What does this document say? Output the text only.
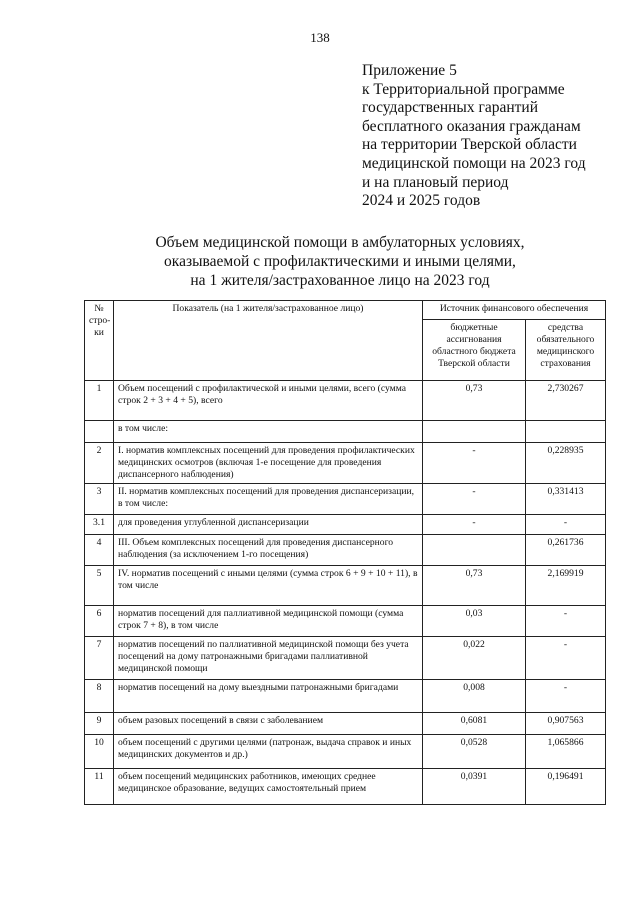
138
Приложение 5
к Территориальной программе
государственных гарантий
бесплатного оказания гражданам
на территории Тверской области
медицинской помощи на 2023 год
и на плановый период
2024 и 2025 годов
Объем медицинской помощи в амбулаторных условиях,
оказываемой с профилактическими и иными целями,
на 1 жителя/застрахованное лицо на 2023 год
№ стро-ки	Показатель (на 1 жителя/застрахованное лицо)	Источник финансового обеспечения	
		бюджетные ассигнования областного бюджета Тверской области	средства обязательного медицинского страхования
1	Объем посещений с профилактической и иными целями, всего (сумма строк 2 + 3 + 4 + 5), всего	0,73	2,730267
	в том числе:		
2	I. норматив комплексных посещений для проведения профилактических медицинских осмотров (включая 1-е посещение для проведения диспансерного наблюдения)	-	0,228935
3	II. норматив комплексных посещений для проведения диспансеризации, в том числе:	-	0,331413
3.1	для проведения углубленной диспансеризации	-	-
4	III. Объем комплексных посещений для проведения диспансерного наблюдения (за исключением 1-го посещения)		0,261736
5	IV. норматив посещений с иными целями (сумма строк 6 + 9 + 10 + 11), в том числе	0,73	2,169919
6	норматив посещений для паллиативной медицинской помощи (сумма строк 7 + 8), в том числе	0,03	-
7	норматив посещений по паллиативной медицинской помощи без учета посещений на дому патронажными бригадами паллиативной медицинской помощи	0,022	-
8	норматив посещений на дому выездными патронажными бригадами	0,008	-
9	объем разовых посещений в связи с заболеванием	0,6081	0,907563
10	объем посещений с другими целями (патронаж, выдача справок и иных медицинских документов и др.)	0,0528	1,065866
11	объем посещений медицинских работников, имеющих среднее медицинское образование, ведущих самостоятельный прием	0,0391	0,196491
